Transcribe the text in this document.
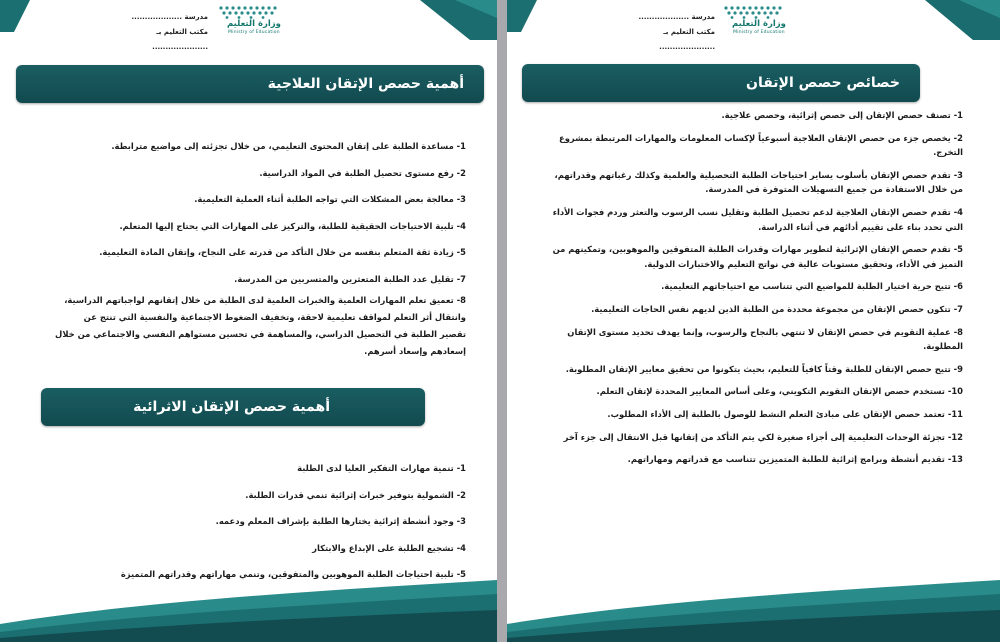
مدرسة ...................
مكتب التعليم بـ .....................
وزارة التعليم
Ministry of Education
أهمية حصص الإتقان العلاجية
1- مساعدة الطلبة على إتقان المحتوى التعليمي، من خلال تجزئته إلى مواضيع مترابطة.
2- رفع مستوى تحصيل الطلبة في المواد الدراسية.
3- معالجة بعض المشكلات التي تواجه الطلبة أثناء العملية التعليمية.
4- تلبية الاحتياجات الحقيقية للطلبة، والتركيز على المهارات التي يحتاج إليها المتعلم.
5- زيادة ثقة المتعلم بنفسه من خلال التأكد من قدرته على النجاح، وإتقان المادة التعليمية.
7- تقليل عدد الطلبة المتعثرين والمتسربين من المدرسة.
8- تعميق تعلم المهارات العلمية والخبرات العلمية لدى الطلبة من خلال إتقانهم لواجباتهم الدراسية،
وانتقال أثر التعلم لمواقف تعليمية لاحقة، وتخفيف الضغوط الاجتماعية والنفسية التي تنتج عن
تقصير الطلبة في التحصيل الدراسي، والمساهمة في تحسين مستواهم النفسي والاجتماعي من خلال
إسعادهم وإسعاد أسرهم.
أهمية حصص الإتقان الاثرائية
1- تنمية مهارات التفكير العليا لدى الطلبة
2- الشمولية بتوفير خبرات إثرائية تنمي قدرات الطلبة.
3- وجود أنشطة إثرائية يختارها الطلبة بإشراف المعلم ودعمه.
4- تشجيع الطلبة على الإبداع والابتكار
5- تلبية احتياجات الطلبة الموهوبين والمتفوقين، وتنمي مهاراتهم وقدراتهم المتميزة
مدرسة ...................
مكتب التعليم بـ .....................
وزارة التعليم
Ministry of Education
خصائص حصص الإتقان
1- تصنف حصص الإتقان إلى حصص إثرائية، وحصص علاجية.
2- يخصص جزء من حصص الإتقان العلاجية أسبوعياً لإكساب المعلومات والمهارات المرتبطة بمشروع
التخرج.
3- تقدم حصص الإتقان بأسلوب يساير احتياجات الطلبة التحصيلية والعلمية وكذلك رغباتهم وقدراتهم،
من خلال الاستفادة من جميع التسهيلات المتوفرة في المدرسة.
4- تقدم حصص الإتقان العلاجية لدعم تحصيل الطلبة وتقليل نسب الرسوب والتعثر وردم فجوات الأداء
التي تحدد بناء على تقييم أدائهم في أثناء الدراسة.
5- تقدم حصص الإتقان الإثرائية لتطوير مهارات وقدرات الطلبة المتفوقين والموهوبين، وتمكينهم من
التميز في الأداء، وتحقيق مستويات عالية في نواتج التعليم والاختبارات الدولية.
6- تتيح حرية اختيار الطلبة للمواضيع التي تتناسب مع احتياجاتهم التعليمية.
7- تتكون حصص الإتقان من مجموعة محددة من الطلبة الذين لديهم نفس الحاجات التعليمية.
8- عملية التقويم في حصص الإتقان لا تنتهي بالنجاح والرسوب، وإنما يهدف تحديد مستوى الإتقان
المطلوبة.
9- تتيح حصص الإتقان للطلبة وقتاً كافياً للتعليم، بحيث يتكونوا من تحقيق معايير الإتقان المطلوبة.
10- تستخدم حصص الإتقان التقويم التكويني، وعلى أساس المعايير المحددة لإتقان التعلم.
11- تعتمد حصص الإتقان على مبادئ التعلم النشط للوصول بالطلبة إلى الأداء المطلوب.
12- تجزئة الوحدات التعليمية إلى أجزاء صغيرة لكي يتم التأكد من إتقانها قبل الانتقال إلى جزء آخر
13- تقديم أنشطة وبرامج إثرائية للطلبة المتميزين تتناسب مع قدراتهم ومهاراتهم.
